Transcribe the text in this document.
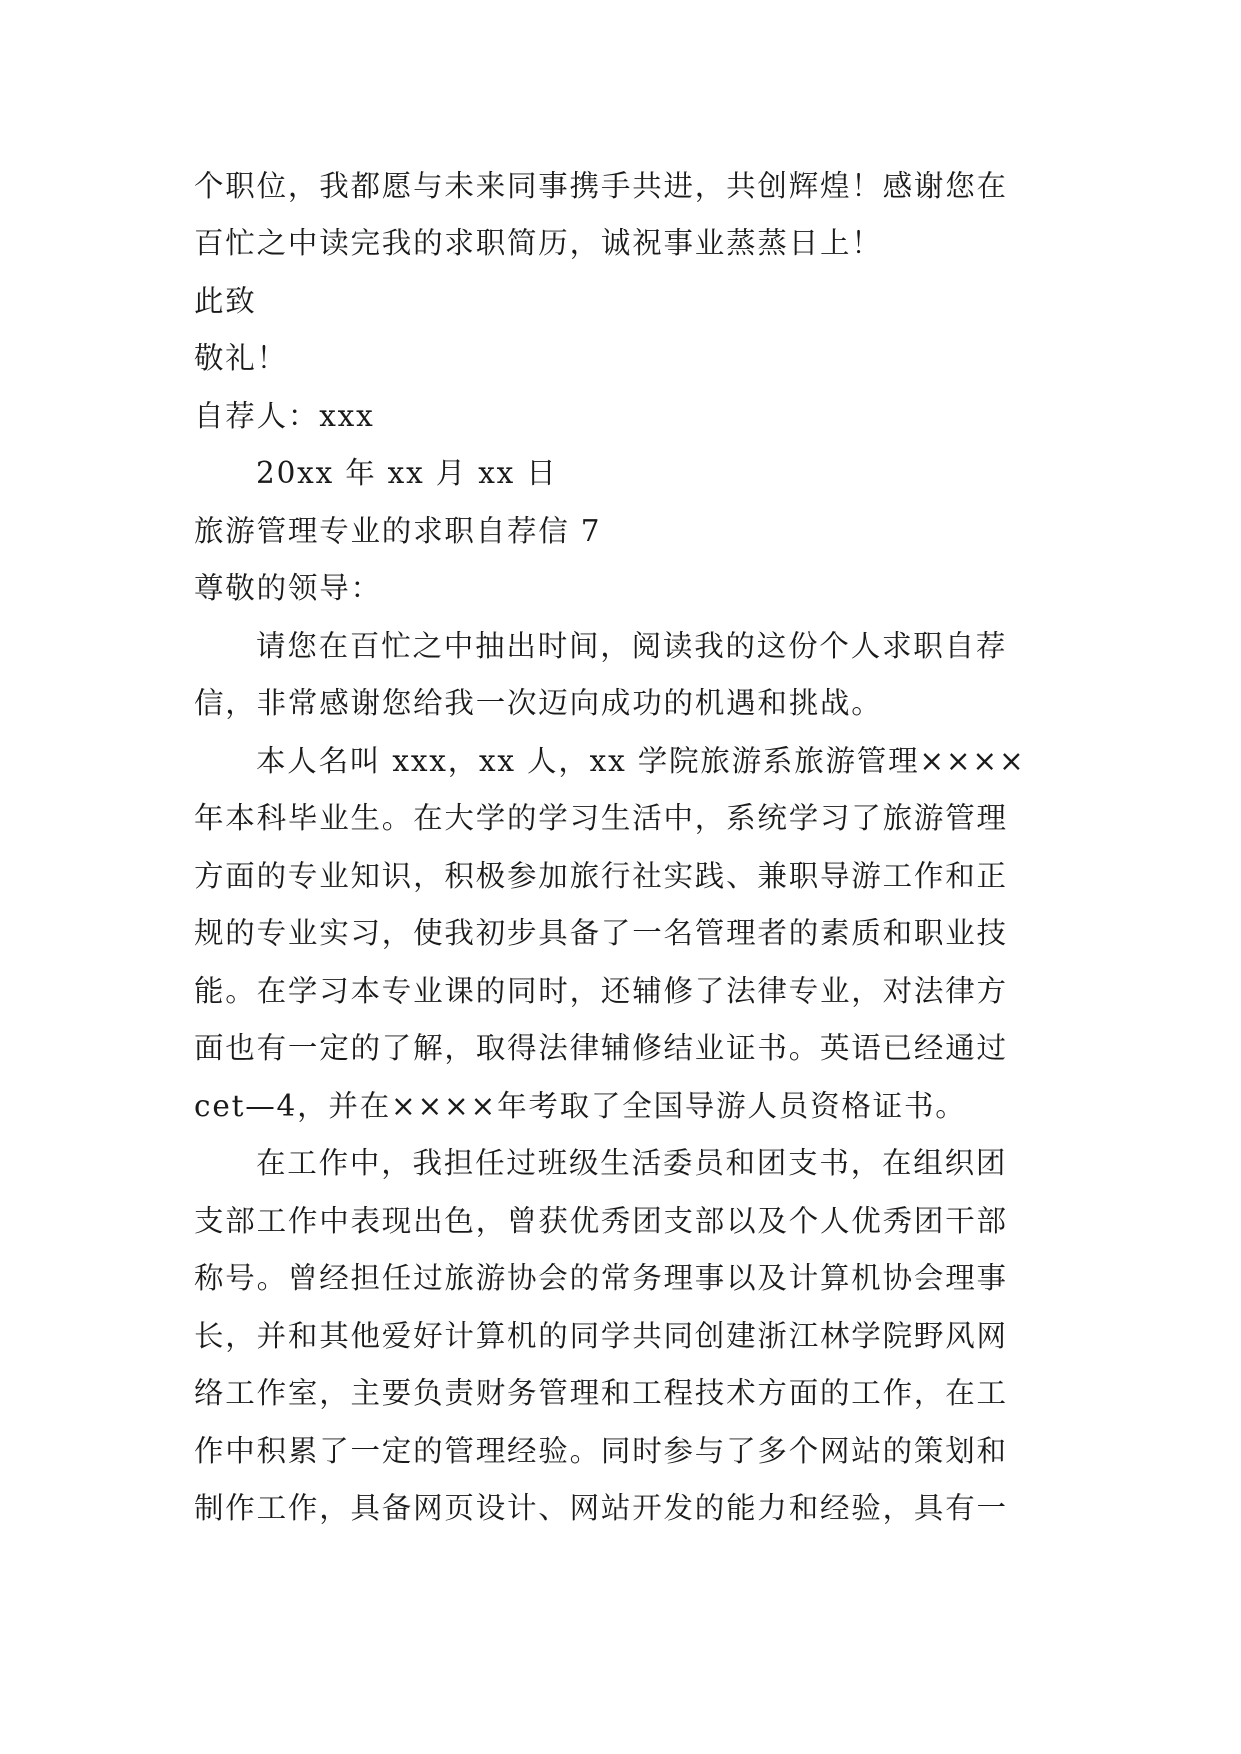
个职位，我都愿与未来同事携手共进，共创辉煌！感谢您在
百忙之中读完我的求职简历，诚祝事业蒸蒸日上！
此致
敬礼！
自荐人：xxx
20xx 年 xx 月 xx 日
旅游管理专业的求职自荐信 7
尊敬的领导：
请您在百忙之中抽出时间，阅读我的这份个人求职自荐
信，非常感谢您给我一次迈向成功的机遇和挑战。
本人名叫 xxx，xx 人，xx 学院旅游系旅游管理××××
年本科毕业生。在大学的学习生活中，系统学习了旅游管理
方面的专业知识，积极参加旅行社实践、兼职导游工作和正
规的专业实习，使我初步具备了一名管理者的素质和职业技
能。在学习本专业课的同时，还辅修了法律专业，对法律方
面也有一定的了解，取得法律辅修结业证书。英语已经通过
cet—4，并在××××年考取了全国导游人员资格证书。
在工作中，我担任过班级生活委员和团支书，在组织团
支部工作中表现出色，曾获优秀团支部以及个人优秀团干部
称号。曾经担任过旅游协会的常务理事以及计算机协会理事
长，并和其他爱好计算机的同学共同创建浙江林学院野风网
络工作室，主要负责财务管理和工程技术方面的工作，在工
作中积累了一定的管理经验。同时参与了多个网站的策划和
制作工作，具备网页设计、网站开发的能力和经验，具有一
